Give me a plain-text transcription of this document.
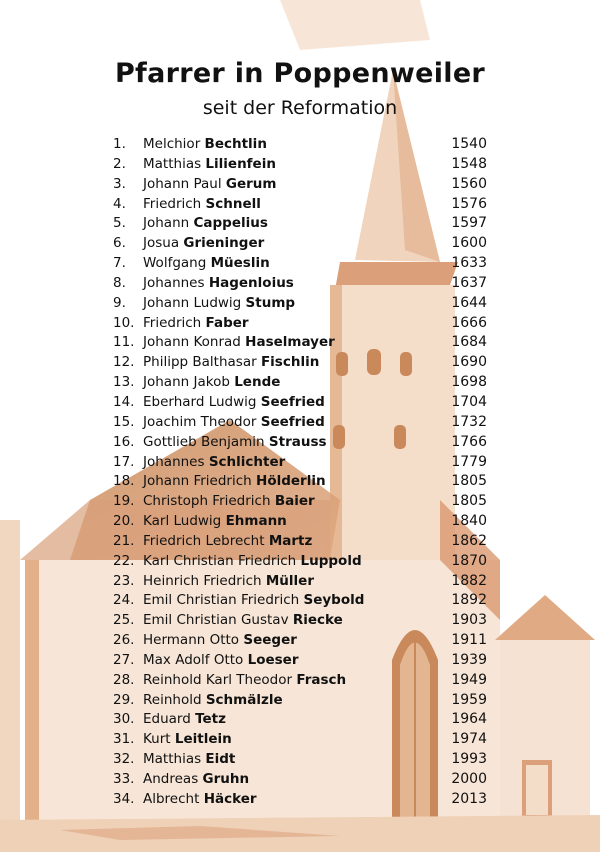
Pfarrer in Poppenweiler
seit der Reformation
1. Melchior Bechtlin	1540
2. Matthias Lilienfein	1548
3. Johann Paul Gerum	1560
4. Friedrich Schnell	1576
5. Johann Cappelius	1597
6. Josua Grieninger	1600
7. Wolfgang Müeslin	1633
8. Johannes Hagenloius	1637
9. Johann Ludwig Stump	1644
10. Friedrich Faber	1666
11. Johann Konrad Haselmayer	1684
12. Philipp Balthasar Fischlin	1690
13. Johann Jakob Lende	1698
14. Eberhard Ludwig Seefried	1704
15. Joachim Theodor Seefried	1732
16. Gottlieb Benjamin Strauss	1766
17. Johannes Schlichter	1779
18. Johann Friedrich Hölderlin	1805
19. Christoph Friedrich Baier	1805
20. Karl Ludwig Ehmann	1840
21. Friedrich Lebrecht Martz	1862
22. Karl Christian Friedrich Luppold	1870
23. Heinrich Friedrich Müller	1882
24. Emil Christian Friedrich Seybold	1892
25. Emil Christian Gustav Riecke	1903
26. Hermann Otto Seeger	1911
27. Max Adolf Otto Loeser	1939
28. Reinhold Karl Theodor Frasch	1949
29. Reinhold Schmälzle	1959
30. Eduard Tetz	1964
31. Kurt Leitlein	1974
32. Matthias Eidt	1993
33. Andreas Gruhn	2000
34. Albrecht Häcker	2013
